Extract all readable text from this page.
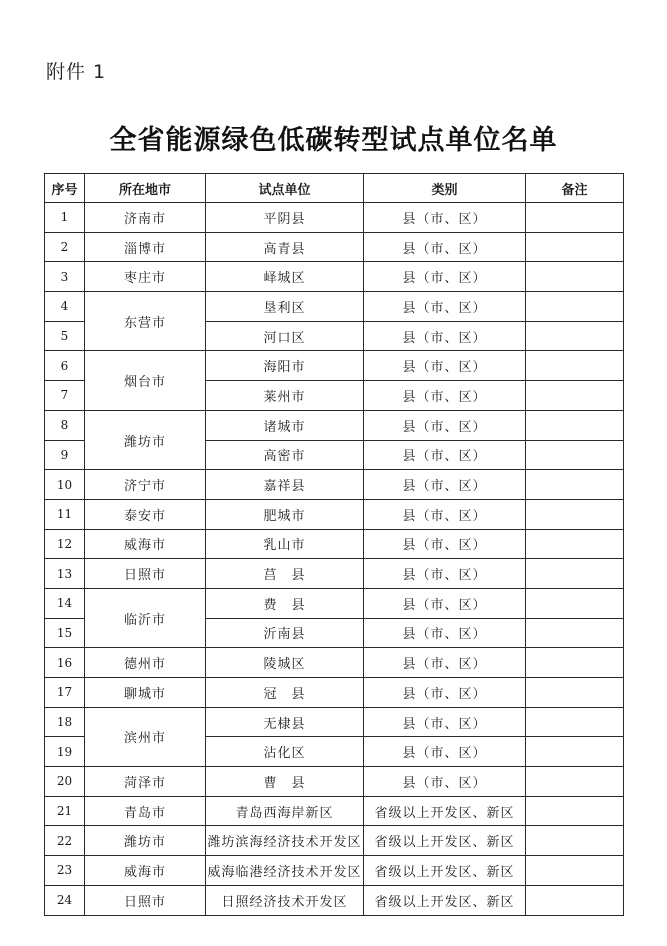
附件 1
全省能源绿色低碳转型试点单位名单
序号	所在地市	试点单位	类别	备注
1	济南市	平阴县	县（市、区）	
2	淄博市	高青县	县（市、区）	
3	枣庄市	峄城区	县（市、区）	
4	东营市	垦利区	县（市、区）	
5		河口区	县（市、区）	
6	烟台市	海阳市	县（市、区）	
7		莱州市	县（市、区）	
8	潍坊市	诸城市	县（市、区）	
9		高密市	县（市、区）	
10	济宁市	嘉祥县	县（市、区）	
11	泰安市	肥城市	县（市、区）	
12	威海市	乳山市	县（市、区）	
13	日照市	莒　县	县（市、区）	
14	临沂市	费　县	县（市、区）	
15		沂南县	县（市、区）	
16	德州市	陵城区	县（市、区）	
17	聊城市	冠　县	县（市、区）	
18	滨州市	无棣县	县（市、区）	
19		沾化区	县（市、区）	
20	菏泽市	曹　县	县（市、区）	
21	青岛市	青岛西海岸新区	省级以上开发区、新区	
22	潍坊市	潍坊滨海经济技术开发区	省级以上开发区、新区	
23	威海市	威海临港经济技术开发区	省级以上开发区、新区	
24	日照市	日照经济技术开发区	省级以上开发区、新区	
